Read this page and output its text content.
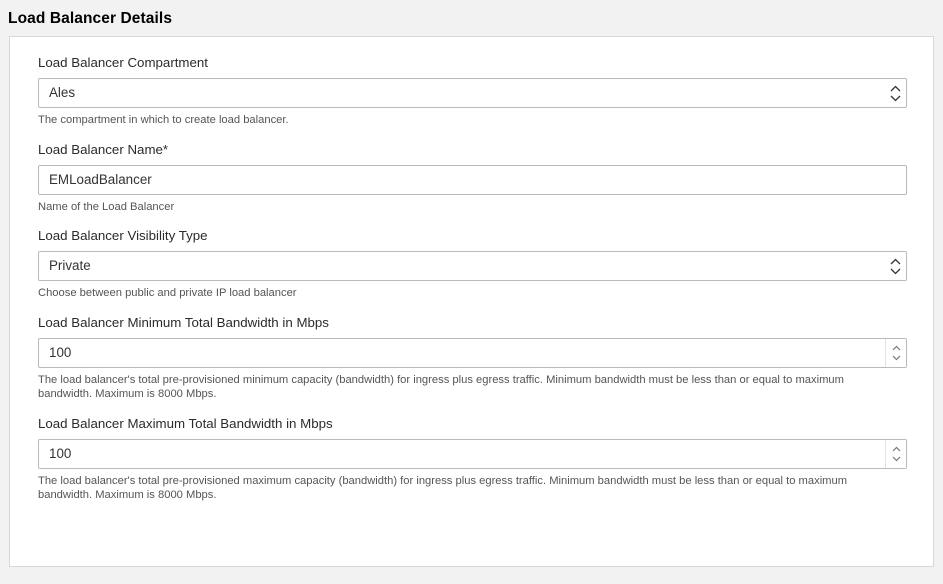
Load Balancer Details
Load Balancer Compartment
Ales
The compartment in which to create load balancer.
Load Balancer Name*
EMLoadBalancer
Name of the Load Balancer
Load Balancer Visibility Type
Private
Choose between public and private IP load balancer
Load Balancer Minimum Total Bandwidth in Mbps
100
The load balancer's total pre-provisioned minimum capacity (bandwidth) for ingress plus egress traffic. Minimum bandwidth must be less than or equal to maximum bandwidth. Maximum is 8000 Mbps.
Load Balancer Maximum Total Bandwidth in Mbps
100
The load balancer's total pre-provisioned maximum capacity (bandwidth) for ingress plus egress traffic. Minimum bandwidth must be less than or equal to maximum bandwidth. Maximum is 8000 Mbps.
